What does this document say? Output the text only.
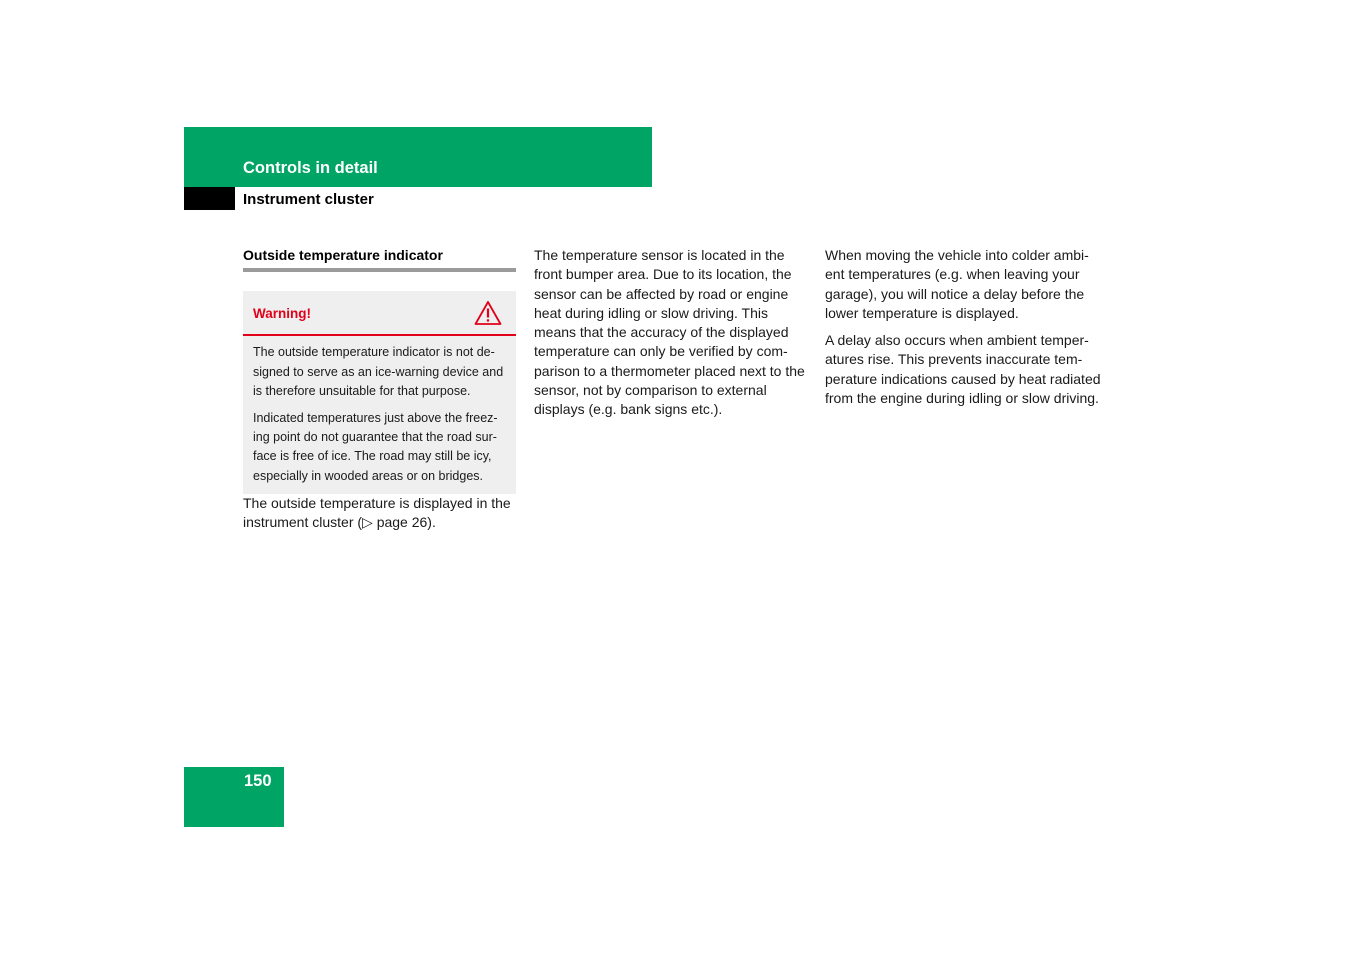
Controls in detail
Instrument cluster
Outside temperature indicator
Warning!

The outside temperature indicator is not de-signed to serve as an ice-warning device and is therefore unsuitable for that purpose.

Indicated temperatures just above the freez-ing point do not guarantee that the road sur-face is free of ice. The road may still be icy, especially in wooded areas or on bridges.

The outside temperature is displayed in the instrument cluster (▷ page 26).

The temperature sensor is located in the front bumper area. Due to its location, the sensor can be affected by road or engine heat during idling or slow driving. This means that the accuracy of the displayed temperature can only be verified by com-parison to a thermometer placed next to the sensor, not by comparison to external displays (e.g. bank signs etc.).

When moving the vehicle into colder ambi-ent temperatures (e.g. when leaving your garage), you will notice a delay before the lower temperature is displayed.

A delay also occurs when ambient temper-atures rise. This prevents inaccurate tem-perature indications caused by heat radiated from the engine during idling or slow driving.

150
